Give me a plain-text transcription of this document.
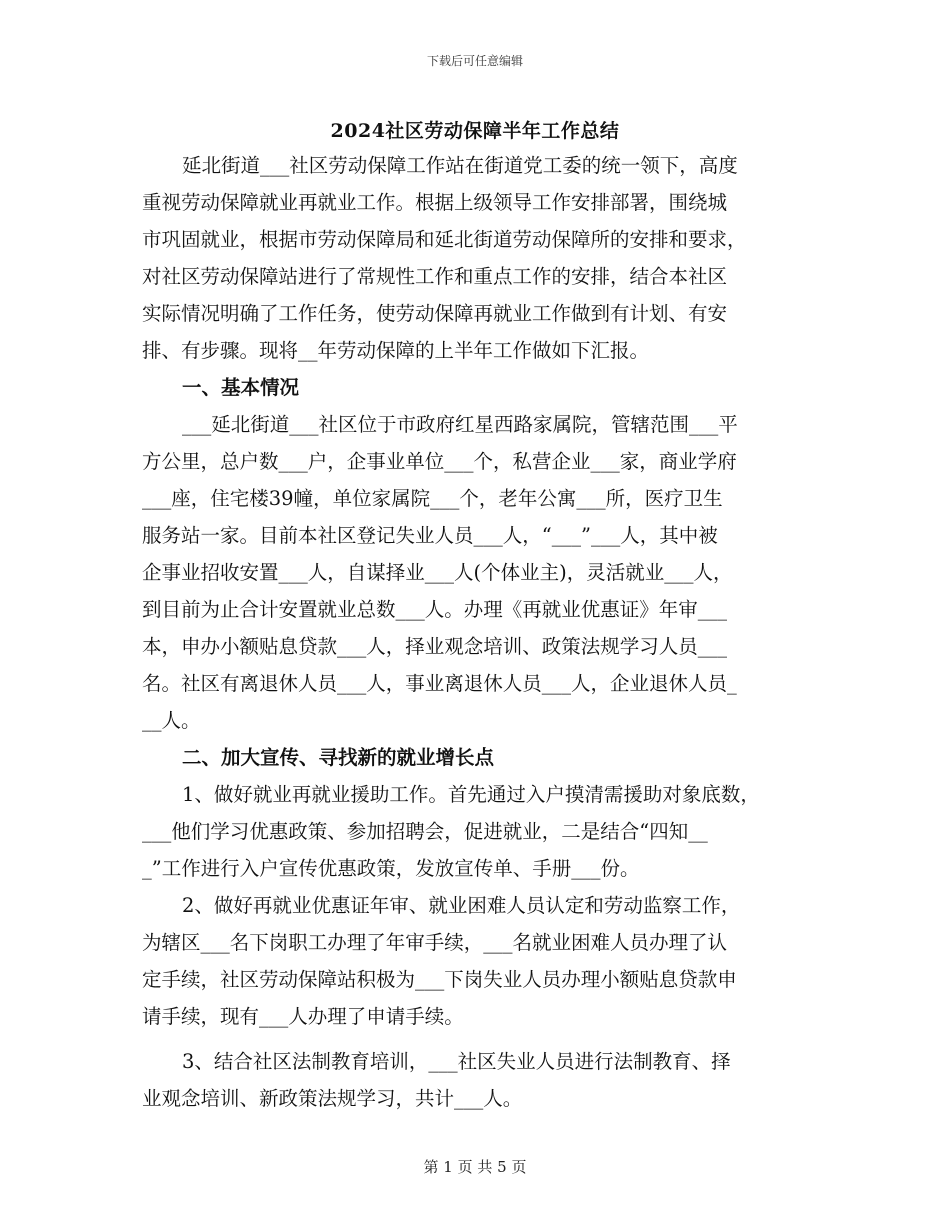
下载后可任意编辑
2024社区劳动保障半年工作总结
延北街道___社区劳动保障工作站在街道党工委的统一领下，高度
重视劳动保障就业再就业工作。根据上级领导工作安排部署，围绕城
市巩固就业，根据市劳动保障局和延北街道劳动保障所的安排和要求，
对社区劳动保障站进行了常规性工作和重点工作的安排，结合本社区
实际情况明确了工作任务，使劳动保障再就业工作做到有计划、有安
排、有步骤。现将__年劳动保障的上半年工作做如下汇报。
一、基本情况
___延北街道___社区位于市政府红星西路家属院，管辖范围___平
方公里，总户数___户，企事业单位___个，私营企业___家，商业学府
___座，住宅楼39幢，单位家属院___个，老年公寓___所，医疗卫生
服务站一家。目前本社区登记失业人员___人，“___”___人，其中被
企事业招收安置___人，自谋择业___人(个体业主)，灵活就业___人，
到目前为止合计安置就业总数___人。办理《再就业优惠证》年审___
本，申办小额贴息贷款___人，择业观念培训、政策法规学习人员___
名。社区有离退休人员___人，事业离退休人员___人，企业退休人员_
__人。
二、加大宣传、寻找新的就业增长点
1、做好就业再就业援助工作。首先通过入户摸清需援助对象底数，
___他们学习优惠政策、参加招聘会，促进就业，二是结合“四知__
_”工作进行入户宣传优惠政策，发放宣传单、手册___份。
2、做好再就业优惠证年审、就业困难人员认定和劳动监察工作，
为辖区___名下岗职工办理了年审手续，___名就业困难人员办理了认
定手续，社区劳动保障站积极为___下岗失业人员办理小额贴息贷款申
请手续，现有___人办理了申请手续。
3、结合社区法制教育培训，___社区失业人员进行法制教育、择
业观念培训、新政策法规学习，共计___人。
第 1 页 共 5 页
